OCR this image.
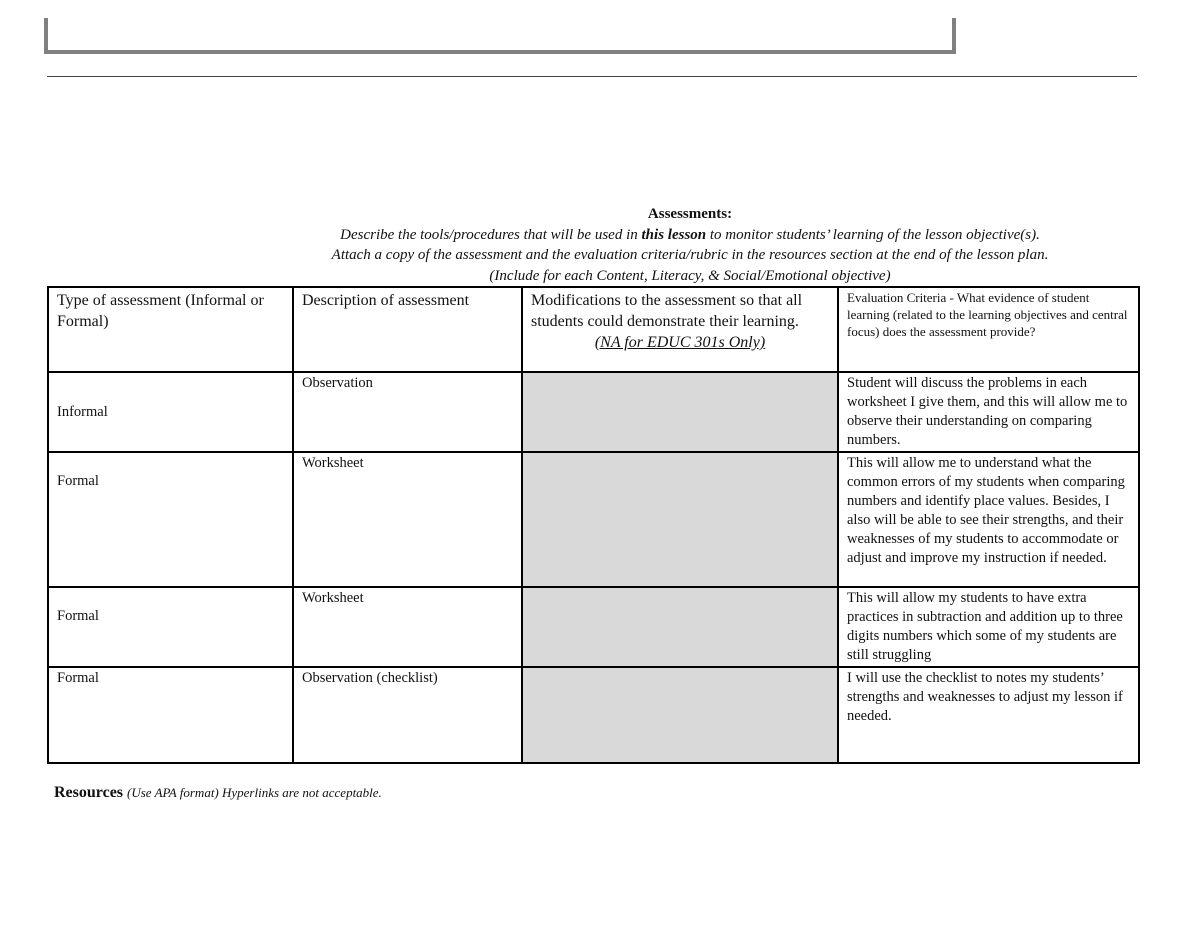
Assessments:
Describe the tools/procedures that will be used in this lesson to monitor students’ learning of the lesson objective(s).
Attach a copy of the assessment and the evaluation criteria/rubric in the resources section at the end of the lesson plan.
(Include for each Content, Literacy, & Social/Emotional objective)
Type of assessment (Informal or Formal)	Description of assessment	Modifications to the assessment so that all students could demonstrate their learning.
(NA for EDUC 301s Only)	Evaluation Criteria - What evidence of student learning (related to the learning objectives and central focus) does the assessment provide?
Informal	Observation		Student will discuss the problems in each worksheet I give them, and this will allow me to observe their understanding on comparing numbers.
Formal	Worksheet		This will allow me to understand what the common errors of my students when comparing numbers and identify place values. Besides, I also will be able to see their strengths, and their weaknesses of my students to accommodate or adjust and improve my instruction if needed.
Formal	Worksheet		This will allow my students to have extra practices in subtraction and addition up to three digits numbers which some of my students are still struggling
Formal	Observation (checklist)		I will use the checklist to notes my students’ strengths and weaknesses to adjust my lesson if needed.
Resources (Use APA format) Hyperlinks are not acceptable.
